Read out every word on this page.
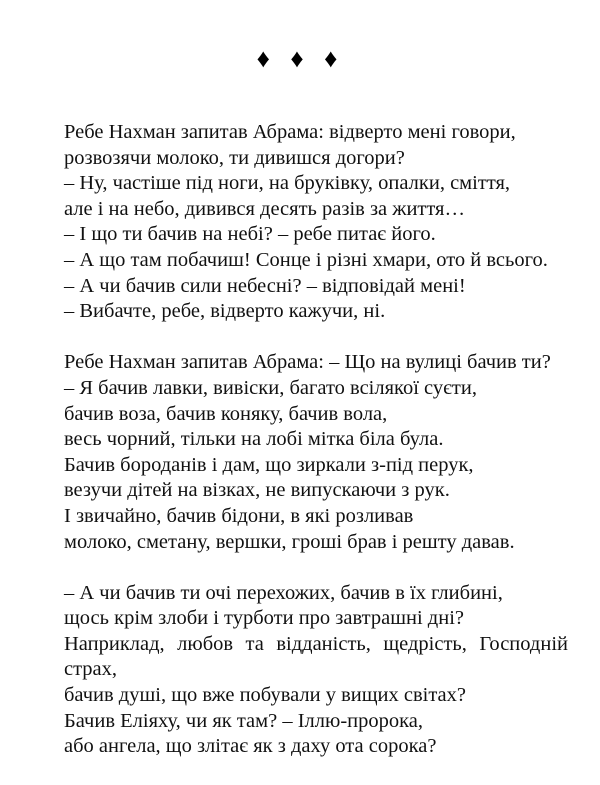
♦ ♦ ♦
Ребе Нахман запитав Абрама: відверто мені говори,
розвозячи молоко, ти дивишся догори?
– Ну, частіше під ноги, на бруківку, опалки, сміття,
але і на небо, дивився десять разів за життя…
– І що ти бачив на небі? – ребе питає його.
– А що там побачиш! Сонце і різні хмари, ото й всього.
– А чи бачив сили небесні? – відповідай мені!
– Вибачте, ребе, відверто кажучи, ні.
Ребе Нахман запитав Абрама: – Що на вулиці бачив ти?
– Я бачив лавки, вивіски, багато всілякої суєти,
бачив воза, бачив коняку, бачив вола,
весь чорний, тільки на лобі мітка біла була.
Бачив бороданів і дам, що зиркали з-під перук,
везучи дітей на візках, не випускаючи з рук.
І звичайно, бачив бідони, в які розливав
молоко, сметану, вершки, гроші брав і решту давав.
– А чи бачив ти очі перехожих, бачив в їх глибині,
щось крім злоби і турботи про завтрашні дні?
Наприклад, любов та відданість, щедрість, Господній
страх,
бачив душі, що вже побували у вищих світах?
Бачив Еліяху, чи як там? – Іллю-пророка,
або ангела, що злітає як з даху ота сорока?
